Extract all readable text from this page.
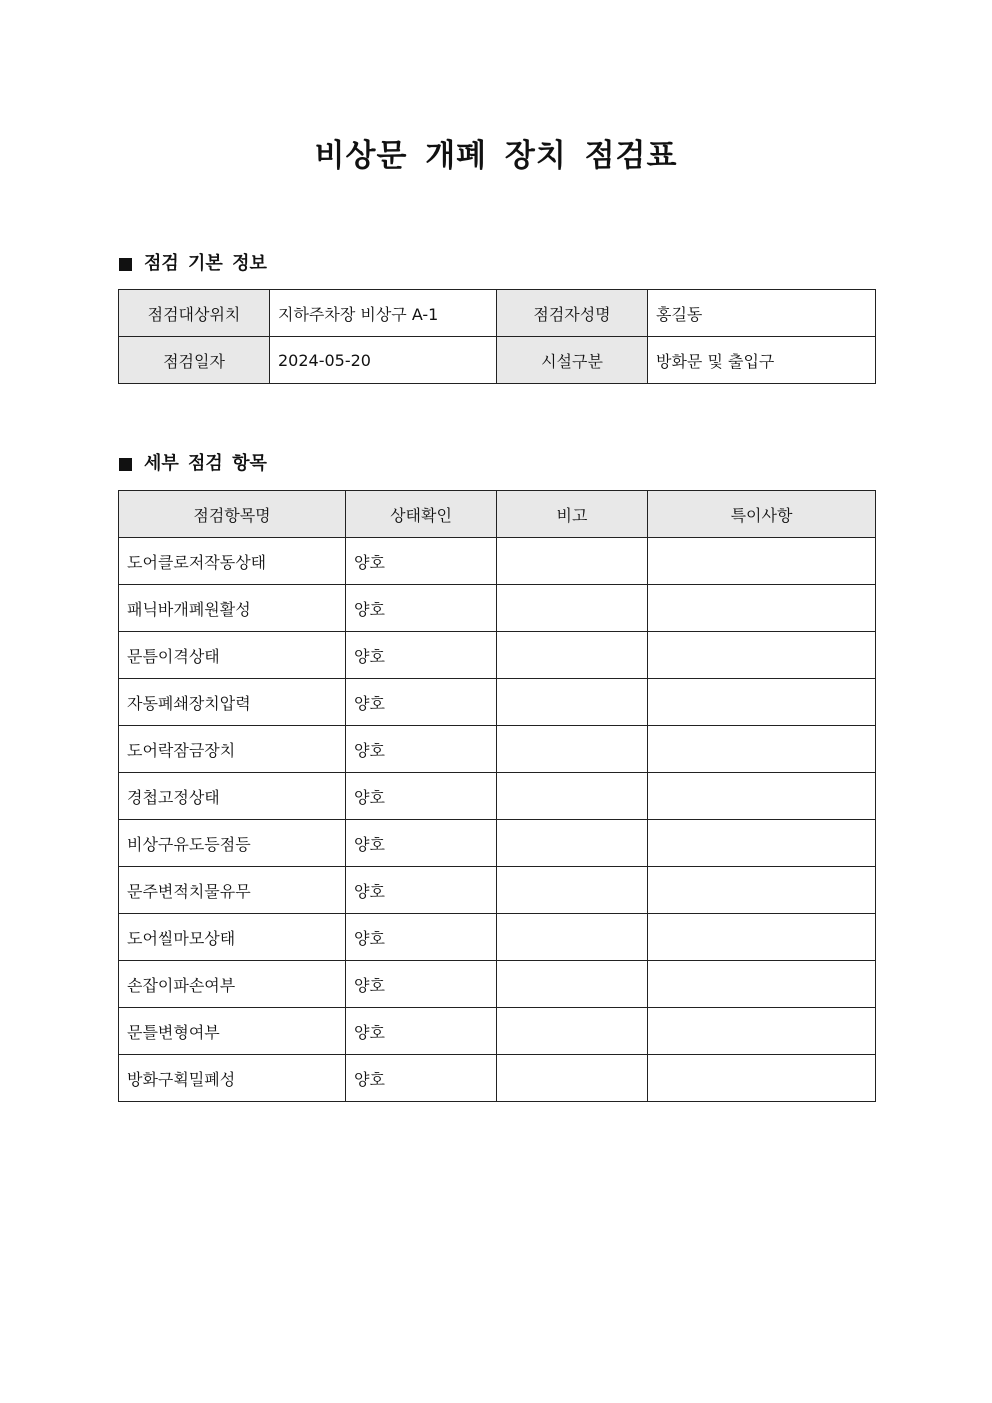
비상문 개폐 장치 점검표
점검 기본 정보
점검대상위치	지하주차장 비상구 A-1	점검자성명	홍길동
점검일자	2024-05-20	시설구분	방화문 및 출입구
세부 점검 항목
점검항목명	상태확인	비고	특이사항
도어클로저작동상태	양호		
패닉바개폐원활성	양호		
문틈이격상태	양호		
자동폐쇄장치압력	양호		
도어락잠금장치	양호		
경첩고정상태	양호		
비상구유도등점등	양호		
문주변적치물유무	양호		
도어씰마모상태	양호		
손잡이파손여부	양호		
문틀변형여부	양호		
방화구획밀폐성	양호		
